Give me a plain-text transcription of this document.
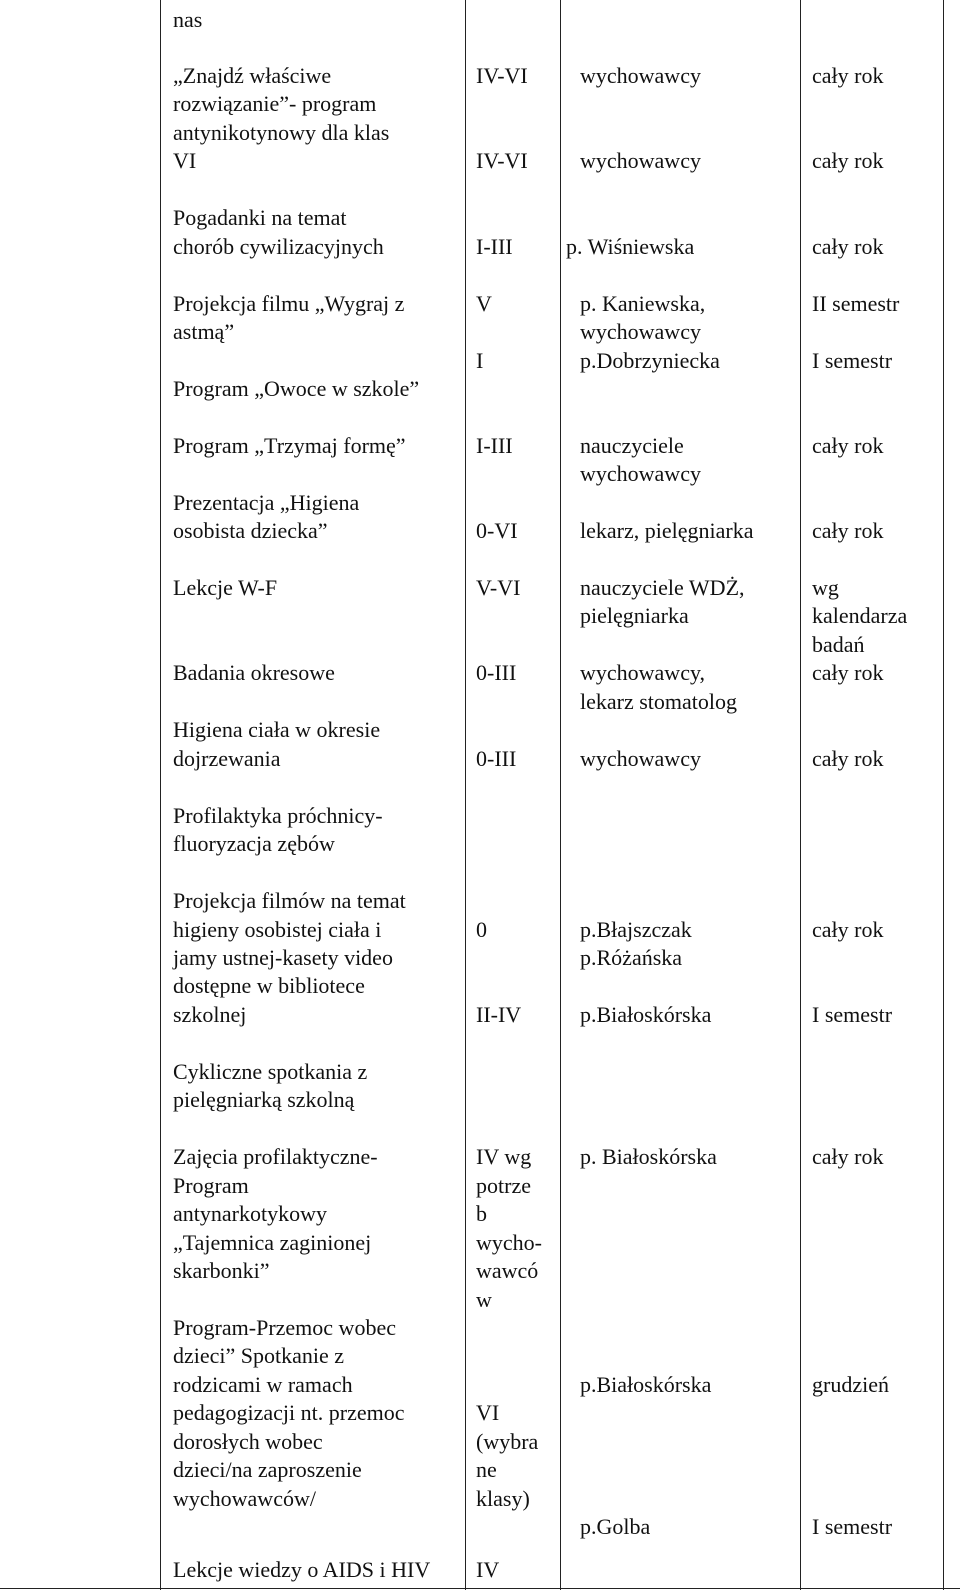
nas

„Znajdź właściwe

rozwiązanie”- program

antynikotynowy dla klas

VI

Pogadanki na temat

chorób cywilizacyjnych

Projekcja filmu „Wygraj z

astmą”

Program „Owoce w szkole”

Program „Trzymaj formę”

Prezentacja „Higiena

osobista dziecka”

Lekcje W-F

Badania okresowe

Higiena ciała w okresie

dojrzewania

Profilaktyka próchnicy-

fluoryzacja zębów

Projekcja filmów na temat

higieny osobistej ciała i

jamy ustnej-kasety video

dostępne w bibliotece

szkolnej

Cykliczne spotkania z

pielęgniarką szkolną

Zajęcia profilaktyczne-

Program

antynarkotykowy

„Tajemnica zaginionej

skarbonki”

Program-Przemoc wobec

dzieci” Spotkanie z

rodzicami w ramach

pedagogizacji nt. przemoc

dorosłych wobec

dzieci/na zaproszenie

wychowawców/

Lekcje wiedzy o AIDS i HIV

IV-VI

IV-VI

I-III

V

I

I-III

0-VI

V-VI

0-III

0-III

0

II-IV

IV wg

potrze

b

wycho-

wawcó

w

VI

(wybra

ne

klasy)

IV

wychowawcy

wychowawcy

p. Wiśniewska

p. Kaniewska,

wychowawcy

p.Dobrzyniecka

nauczyciele

wychowawcy

lekarz, pielęgniarka

nauczyciele WDŻ,

pielęgniarka

wychowawcy,

lekarz stomatolog

wychowawcy

p.Błajszczak

p.Różańska

p.Białoskórska

p. Białoskórska

p.Białoskórska

p.Golba

cały rok

cały rok

cały rok

II semestr

I semestr

cały rok

cały rok

wg

kalendarza

badań

cały rok

cały rok

cały rok

I semestr

cały rok

grudzień

I semestr
